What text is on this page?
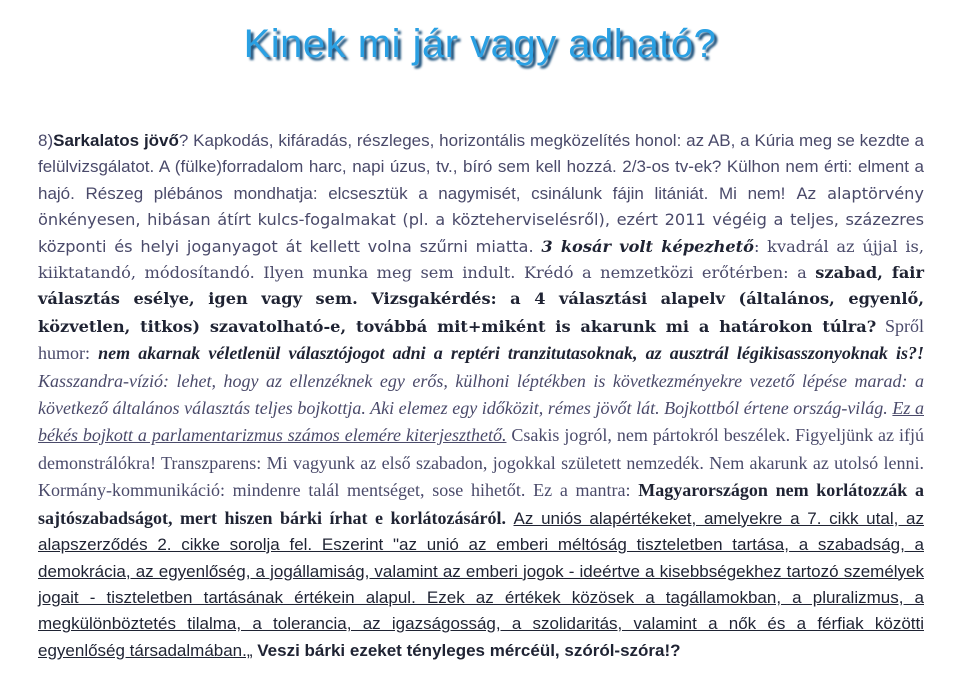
Kinek mi jár vagy adható?
8)Sarkalatos jövő? Kapkodás, kifáradás, részleges, horizontális megközelítés honol: az AB, a Kúria meg se kezdte a felülvizsgálatot. A (fülke)forradalom harc, napi úzus, tv., bíró sem kell hozzá. 2/3-os tv-ek? Külhon nem érti: elment a hajó. Részeg plébános mondhatja: elcsesztük a nagymisét, csinálunk fájin litániát. Mi nem! Az alaptörvény önkényesen, hibásan átírt kulcs-fogalmakat (pl. a közteherviselésről), ezért 2011 végéig a teljes, százezres központi és helyi joganyagot át kellett volna szűrni miatta. 3 kosár volt képezhető: kvadrál az újjal is, kiiktatandó, módosítandó. Ilyen munka meg sem indult. Krédó a nemzetközi erőtérben: a szabad, fair választás esélye, igen vagy sem. Vizsgakérdés: a 4 választási alapelv (általános, egyenlő, közvetlen, titkos) szavatolható-e, továbbá mit+miként is akarunk mi a határokon túlra? Spről humor: nem akarnak véletlenül választójogot adni a reptéri tranzitutasoknak, az ausztrál légikisasszonyoknak is?! Kasszandra-vízió: lehet, hogy az ellenzéknek egy erős, külhoni léptékben is következményekre vezető lépése marad: a következő általános választás teljes bojkottja. Aki elemez egy időközit, rémes jövőt lát. Bojkottból értene ország-világ. Ez a békés bojkott a parlamentarizmus számos elemére kiterjeszthető. Csakis jogról, nem pártokról beszélek. Figyeljünk az ifjú demonstrálókra! Transzparens: Mi vagyunk az első szabadon, jogokkal született nemzedék. Nem akarunk az utolsó lenni. Kormány-kommunikáció: mindenre talál mentséget, sose hihetőt. Ez a mantra: Magyarországon nem korlátozzák a sajtószabadságot, mert hiszen bárki írhat e korlátozásáról. Az uniós alapértékeket, amelyekre a 7. cikk utal, az alapszerződés 2. cikke sorolja fel. Eszerint "az unió az emberi méltóság tiszteletben tartása, a szabadság, a demokrácia, az egyenlőség, a jogállamiság, valamint az emberi jogok - ideértve a kisebbségekhez tartozó személyek jogait - tiszteletben tartásának értékein alapul. Ezek az értékek közösek a tagállamokban, a pluralizmus, a megkülönböztetés tilalma, a tolerancia, az igazságosság, a szolidaritás, valamint a nők és a férfiak közötti egyenlőség társadalmában.„ Veszi bárki ezeket tényleges mércéül, szóról-szóra!?
